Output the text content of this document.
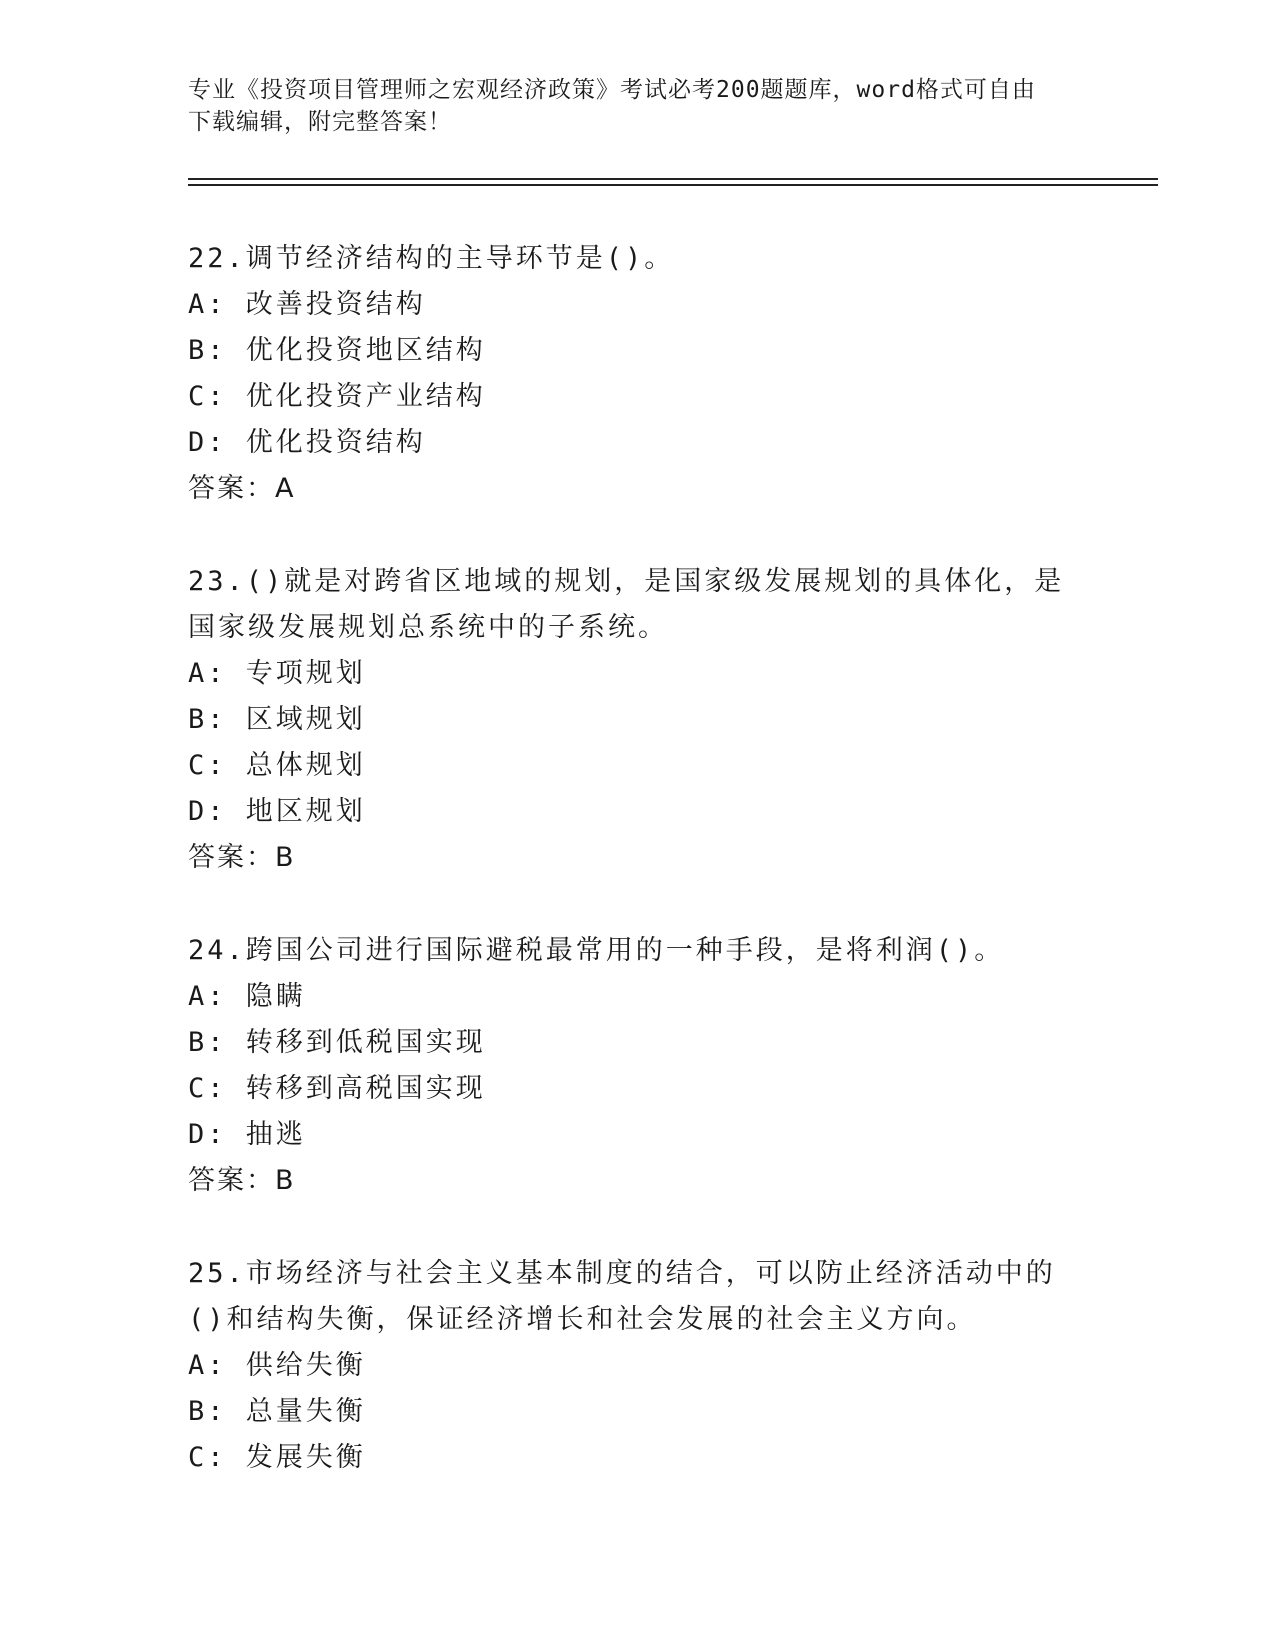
专业《投资项目管理师之宏观经济政策》考试必考200题题库，word格式可自由
下载编辑，附完整答案！
22.调节经济结构的主导环节是()。
A: 改善投资结构
B: 优化投资地区结构
C: 优化投资产业结构
D: 优化投资结构
答案：A
23.()就是对跨省区地域的规划，是国家级发展规划的具体化，是国家级发展规划总系统中的子系统。
A: 专项规划
B: 区域规划
C: 总体规划
D: 地区规划
答案：B
24.跨国公司进行国际避税最常用的一种手段，是将利润()。
A: 隐瞒
B: 转移到低税国实现
C: 转移到高税国实现
D: 抽逃
答案：B
25.市场经济与社会主义基本制度的结合，可以防止经济活动中的()和结构失衡，保证经济增长和社会发展的社会主义方向。
A: 供给失衡
B: 总量失衡
C: 发展失衡
